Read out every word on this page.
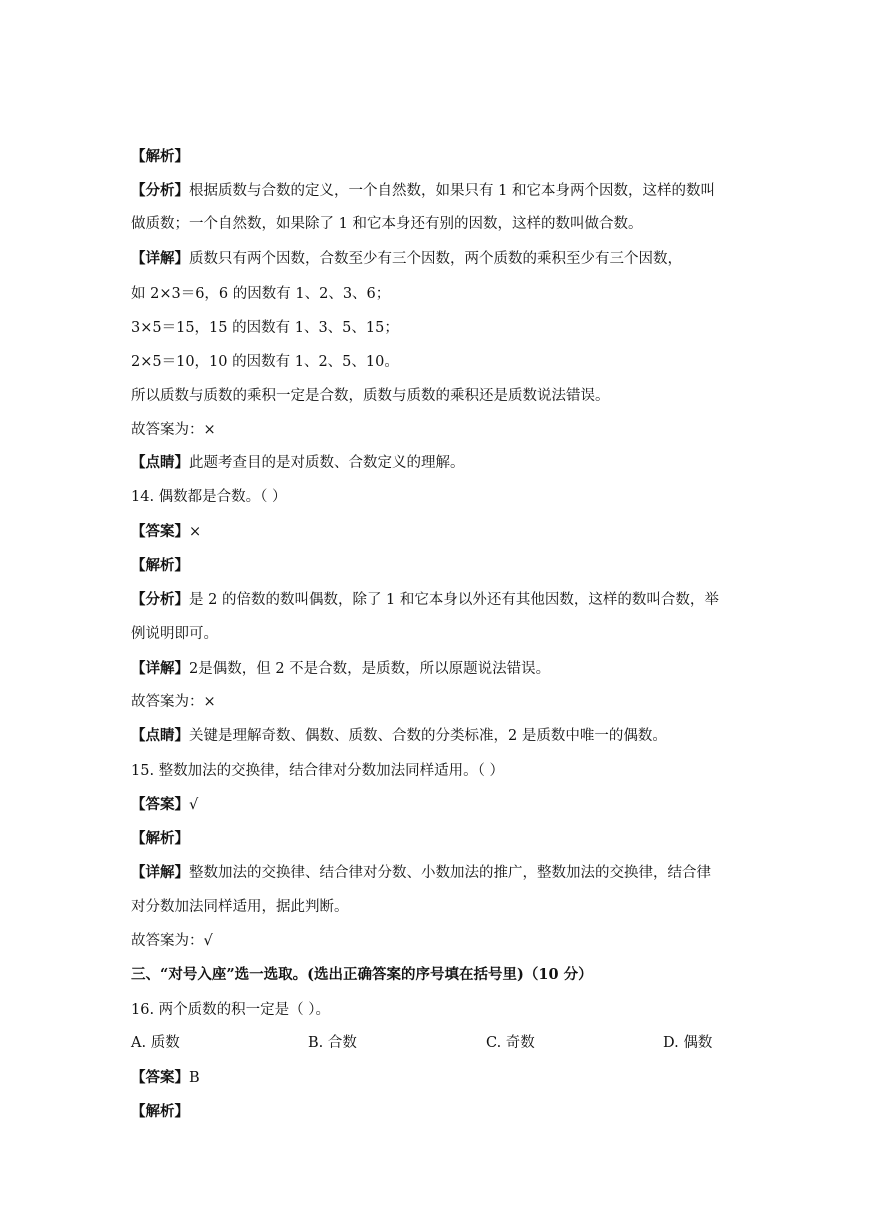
【解析】
【分析】根据质数与合数的定义，一个自然数，如果只有 1 和它本身两个因数，这样的数叫
做质数；一个自然数，如果除了 1 和它本身还有别的因数，这样的数叫做合数。
【详解】质数只有两个因数，合数至少有三个因数，两个质数的乘积至少有三个因数，
如 2×3＝6，6 的因数有 1、2、3、6；
3×5＝15，15 的因数有 1、3、5、15；
2×5＝10，10 的因数有 1、2、5、10。
所以质数与质数的乘积一定是合数，质数与质数的乘积还是质数说法错误。
故答案为：×
【点睛】此题考查目的是对质数、合数定义的理解。
14. 偶数都是合数。（ ）
【答案】×
【解析】
【分析】是 2 的倍数的数叫偶数，除了 1 和它本身以外还有其他因数，这样的数叫合数，举
例说明即可。
【详解】2是偶数，但 2 不是合数，是质数，所以原题说法错误。
故答案为：×
【点睛】关键是理解奇数、偶数、质数、合数的分类标准，2 是质数中唯一的偶数。
15. 整数加法的交换律，结合律对分数加法同样适用。（ ）
【答案】√
【解析】
【详解】整数加法的交换律、结合律对分数、小数加法的推广，整数加法的交换律，结合律
对分数加法同样适用，据此判断。
故答案为：√
三、“对号入座”选一选取。(选出正确答案的序号填在括号里)（10 分）
16. 两个质数的积一定是（ ）。
A. 质数	B. 合数	C. 奇数	D. 偶数
【答案】B
【解析】
